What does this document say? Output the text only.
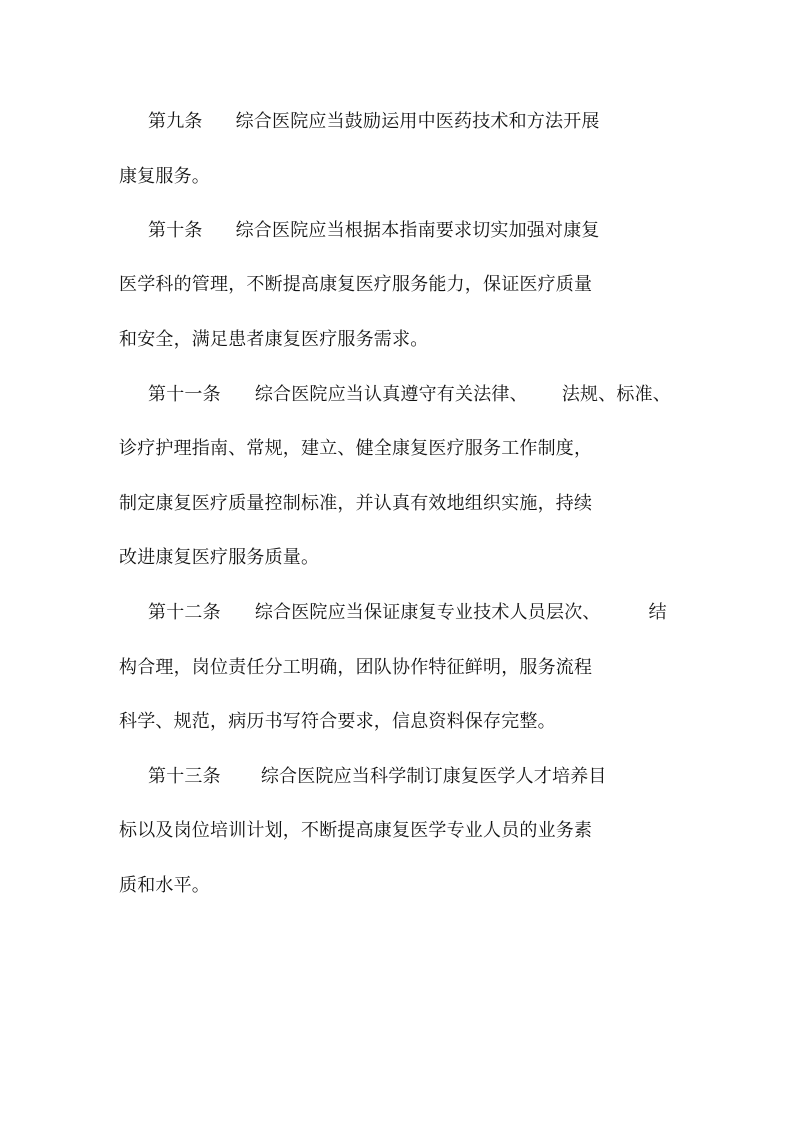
第九条 综合医院应当鼓励运用中医药技术和方法开展
康复服务。
第十条 综合医院应当根据本指南要求切实加强对康复
医学科的管理，不断提高康复医疗服务能力，保证医疗质量
和安全，满足患者康复医疗服务需求。
第十一条 综合医院应当认真遵守有关法律、 法规、标准、
诊疗护理指南、常规，建立、健全康复医疗服务工作制度，
制定康复医疗质量控制标准，并认真有效地组织实施，持续
改进康复医疗服务质量。
第十二条 综合医院应当保证康复专业技术人员层次、	结
构合理，岗位责任分工明确，团队协作特征鲜明，服务流程
科学、规范，病历书写符合要求，信息资料保存完整。
第十三条 综合医院应当科学制订康复医学人才培养目
标以及岗位培训计划，不断提高康复医学专业人员的业务素
质和水平。
